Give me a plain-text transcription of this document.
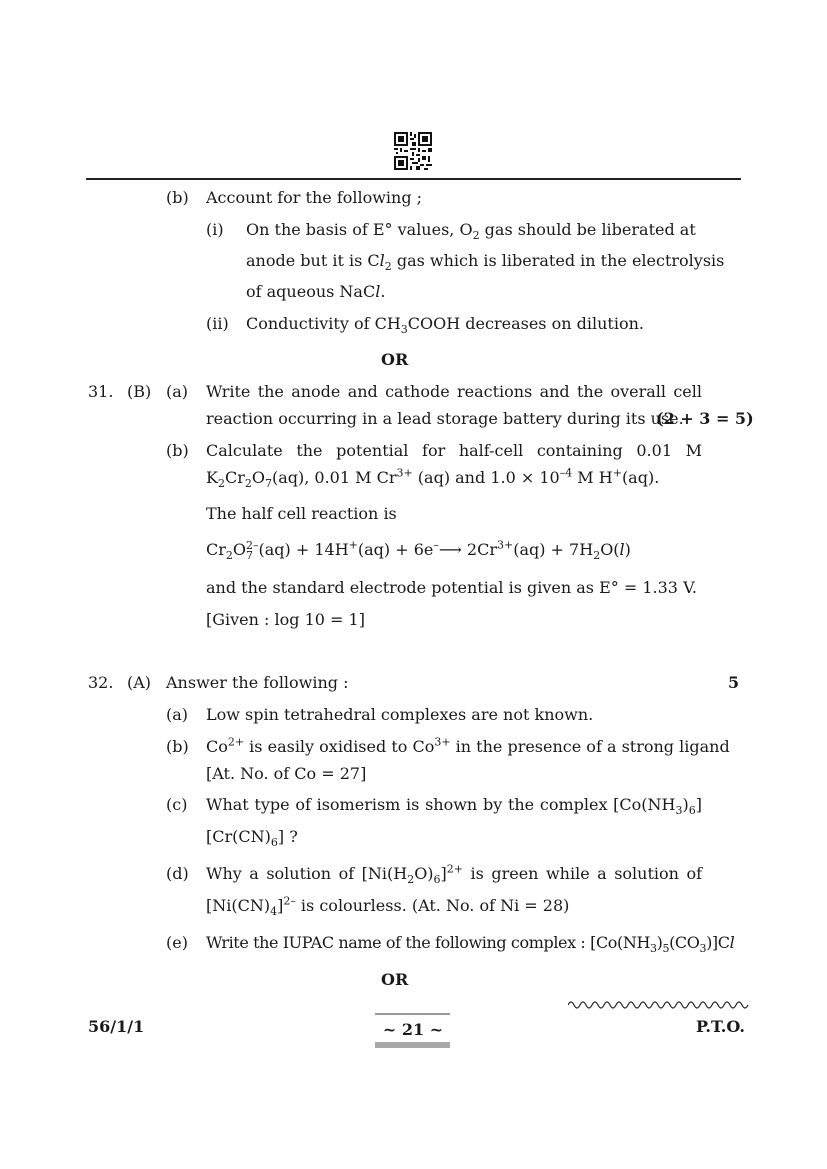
(b) Account for the following ;
(i) On the basis of E° values, $O_2$ gas should be liberated at
anode but it is $Cl_2$ gas which is liberated in the electrolysis
of aqueous NaCl.
(ii) Conductivity of $CH_3COOH$ decreases on dilution.
OR
31. (B) (a) Write the anode and cathode reactions and the overall cell
reaction occurring in a lead storage battery during its use.
(2 + 3 = 5)
(b) Calculate the potential for half-cell containing 0.01 M
$K_2Cr_2O_7(aq)$, 0.01 M $Cr^{3+}$ (aq) and $1.0 \times 10^{-4}$ M H+(aq).
The half cell reaction is
$Cr_2O$ 2–
7 (aq) + 14H+(aq) + 6e–⟶ $2Cr^{3+}(aq) + 7H_2O(l)$
and the standard electrode potential is given as E° = 1.33 V.
[Given : log 10 = 1]
32. (A) Answer the following :	5
(a) Low spin tetrahedral complexes are not known.
(b) $Co^{2+}$ is easily oxidised to $Co^{3+}$ in the presence of a strong ligand
[At. No. of Co = 27]
(c) What type of isomerism is shown by the complex $[Co(NH_3)_6]$
$[Cr(CN)_6]$ ?
(d) Why a solution of $[Ni(H_2O)_6]^{2+}$ is green while a solution of
$[Ni(CN)_4]^{2-}$ is colourless. (At. No. of Ni = 28)
(e) Write the IUPAC name of the following complex : $[Co(NH_3)_5(CO_3)]Cl$
OR
56/1/1	~ 21 ~	P.T.O.
